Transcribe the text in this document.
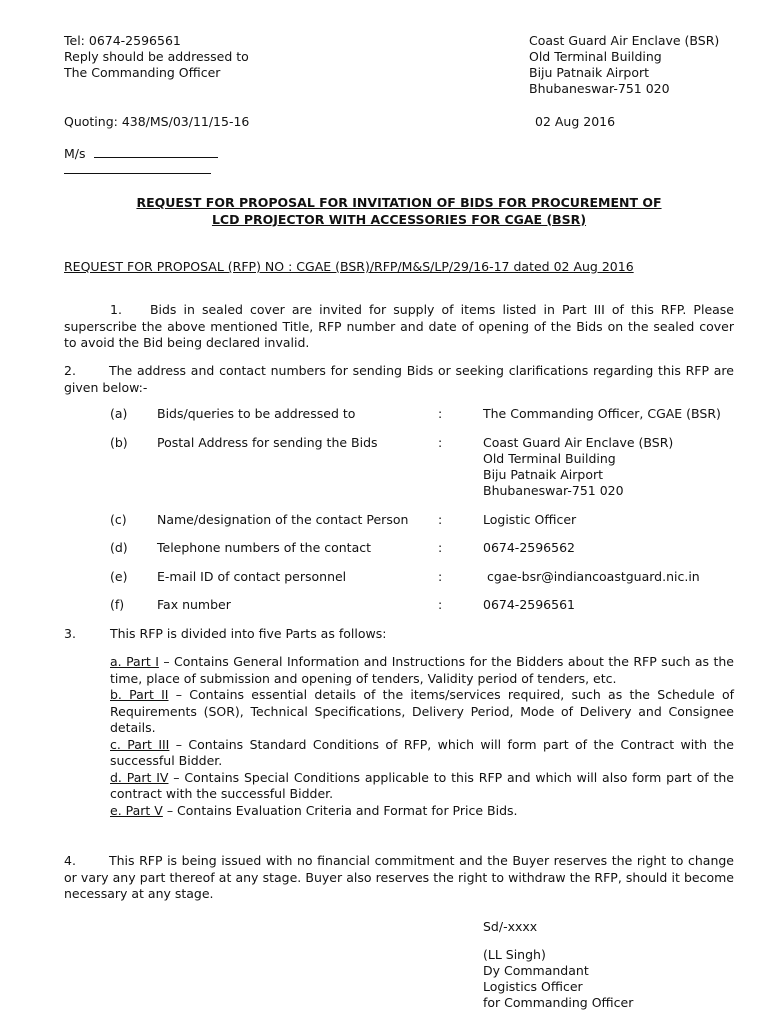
Tel: 0674-2596561
Reply should be addressed to
The Commanding Officer
Coast Guard Air Enclave (BSR)
Old Terminal Building
Biju Patnaik Airport
Bhubaneswar-751 020
Quoting: 438/MS/03/11/15-16	02 Aug 2016
M/s
REQUEST FOR PROPOSAL FOR INVITATION OF BIDS FOR PROCUREMENT OF
LCD PROJECTOR WITH ACCESSORIES FOR CGAE (BSR)
REQUEST FOR PROPOSAL (RFP) NO : CGAE (BSR)/RFP/M&S/LP/29/16-17 dated 02 Aug 2016
1. Bids in sealed cover are invited for supply of items listed in Part III of this RFP. Please superscribe the above mentioned Title, RFP number and date of opening of the Bids on the sealed cover to avoid the Bid being declared invalid.
2.	The address and contact numbers for sending Bids or seeking clarifications regarding this RFP are given below:-
(a) Bids/queries to be addressed to	:	The Commanding Officer, CGAE (BSR)
(b) Postal Address for sending the Bids	:	Coast Guard Air Enclave (BSR)
Old Terminal Building
Biju Patnaik Airport
Bhubaneswar-751 020
(c) Name/designation of the contact Person :	Logistic Officer
(d) Telephone numbers of the contact	:	0674-2596562
(e) E-mail ID of contact personnel	:	cgae-bsr@indiancoastguard.nic.in
(f)	Fax number	:	0674-2596561
3.	This RFP is divided into five Parts as follows:
a. Part I – Contains General Information and Instructions for the Bidders about the RFP such as the time, place of submission and opening of tenders, Validity period of tenders, etc.
b. Part II – Contains essential details of the items/services required, such as the Schedule of Requirements (SOR), Technical Specifications, Delivery Period, Mode of Delivery and Consignee details.
c. Part III – Contains Standard Conditions of RFP, which will form part of the Contract with the successful Bidder.
d. Part IV – Contains Special Conditions applicable to this RFP and which will also form part of the contract with the successful Bidder.
e. Part V – Contains Evaluation Criteria and Format for Price Bids.
4.	This RFP is being issued with no financial commitment and the Buyer reserves the right to change or vary any part thereof at any stage. Buyer also reserves the right to withdraw the RFP, should it become necessary at any stage.
Sd/-xxxx
(LL Singh)
Dy Commandant
Logistics Officer
for Commanding Officer
